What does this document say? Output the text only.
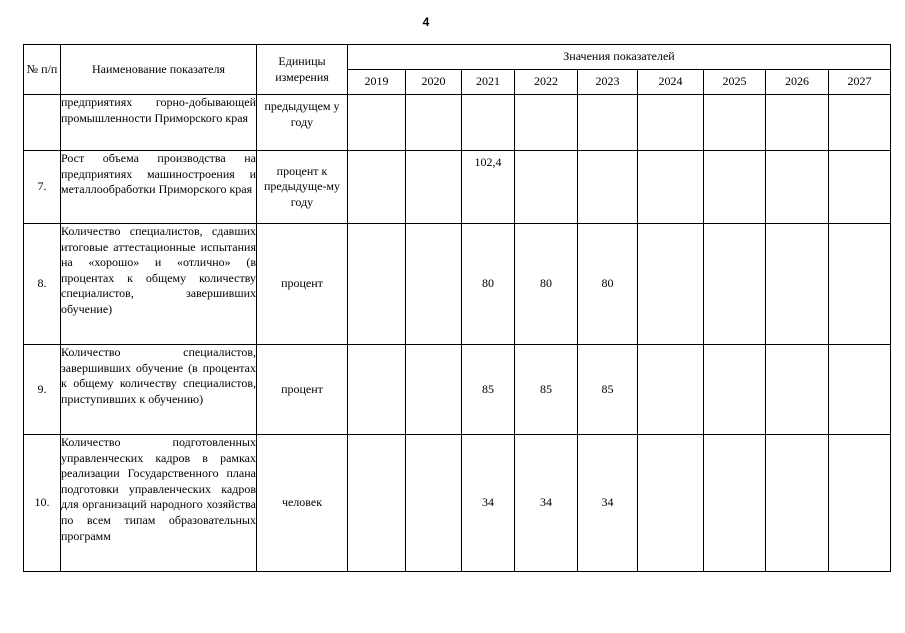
4
№ п/п	Наименование показателя	Единицы измерения	Значения показателей								
			2019	2020	2021	2022	2023	2024	2025	2026	2027
	предприятиях горно-добывающей промышленности Приморского края	предыдущем у году									
7.	Рост объема производства на предприятиях машиностроения и металлообработки Приморского края	процент к предыдуще-му году			102,4						
8.	Количество специалистов, сдавших итоговые аттестационные испытания на «хорошо» и «отлично» (в процентах к общему количеству специалистов, завершивших обучение)	процент			80	80	80				
9.	Количество специалистов, завершивших обучение (в процентах к общему количеству специалистов, приступивших к обучению)	процент			85	85	85				
10.	Количество подготовленных управленческих кадров в рамках реализации Государственного плана подготовки управленческих кадров для организаций народного хозяйства по всем типам образовательных программ	человек			34	34	34				
